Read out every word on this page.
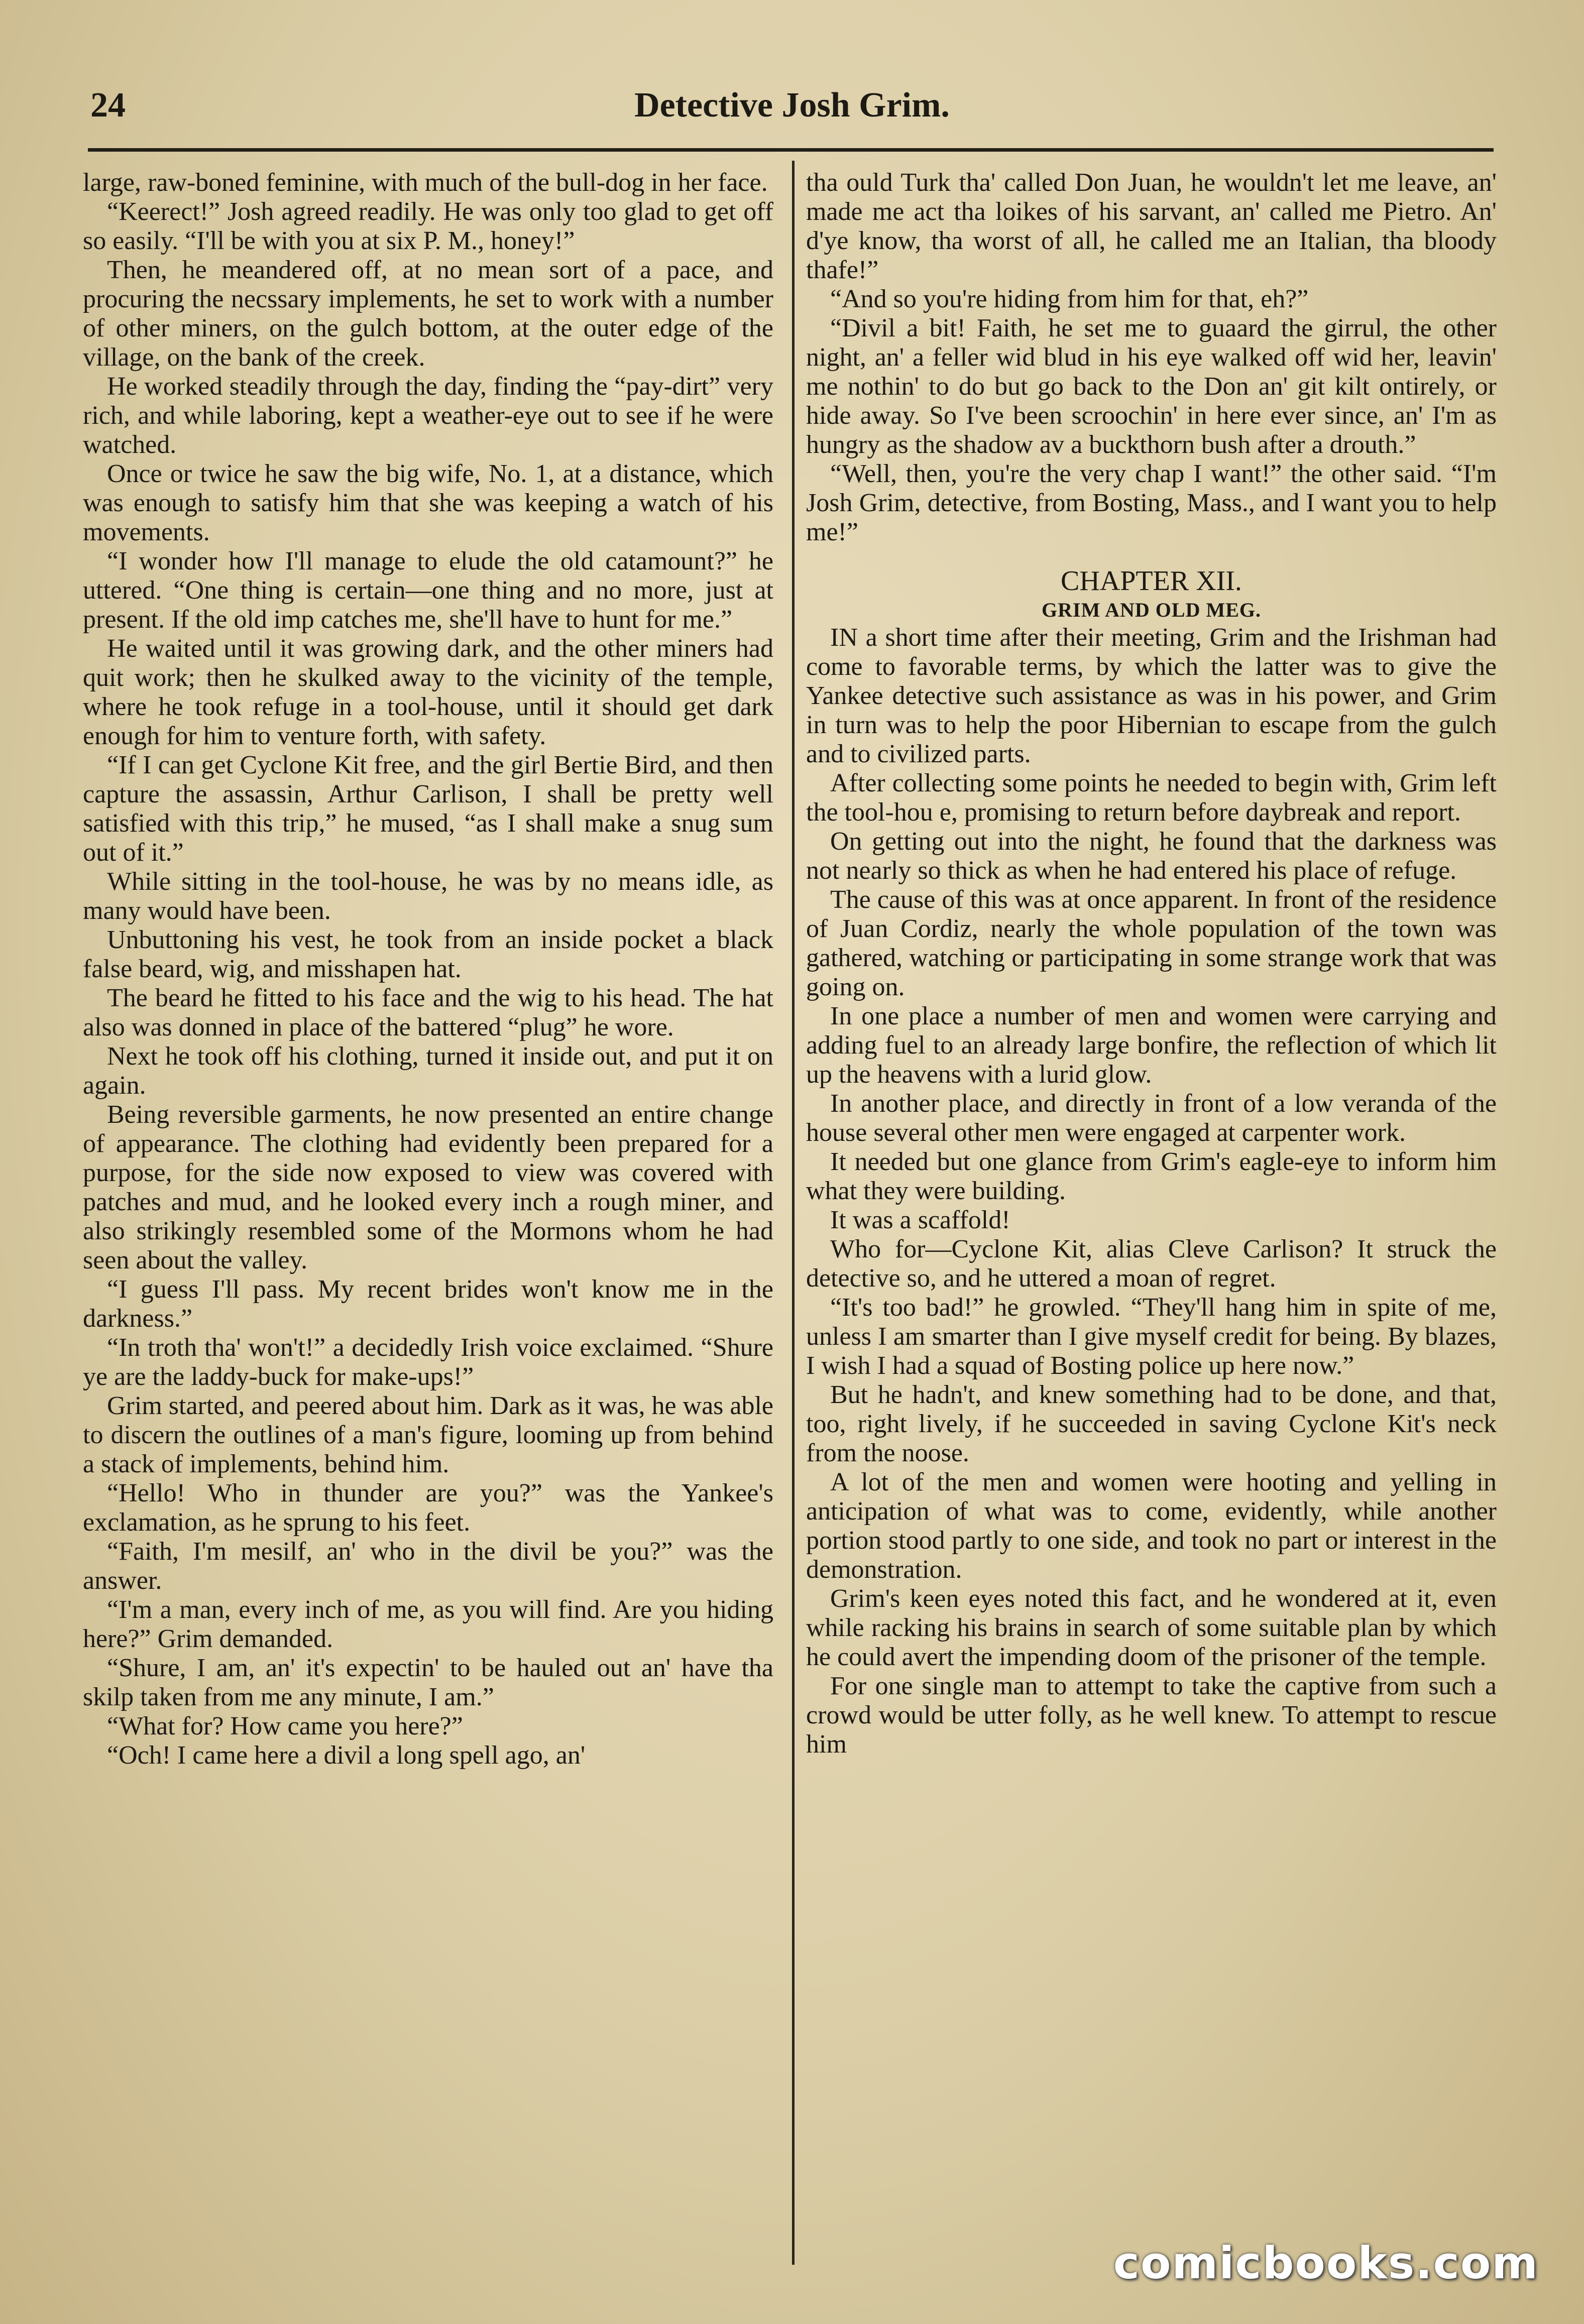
24	Detective Josh Grim.

large, raw-boned feminine, with much of the bull-dog in her face.

“Keerect!” Josh agreed readily. He was only too glad to get off so easily. “I'll be with you at six P. M., honey!”

Then, he meandered off, at no mean sort of a pace, and procuring the necssary implements, he set to work with a number of other miners, on the gulch bottom, at the outer edge of the village, on the bank of the creek.

He worked steadily through the day, finding the “pay-dirt” very rich, and while laboring, kept a weather-eye out to see if he were watched.

Once or twice he saw the big wife, No. 1, at a distance, which was enough to satisfy him that she was keeping a watch of his movements.

“I wonder how I'll manage to elude the old catamount?” he uttered. “One thing is certain—one thing and no more, just at present. If the old imp catches me, she'll have to hunt for me.”

He waited until it was growing dark, and the other miners had quit work; then he skulked away to the vicinity of the temple, where he took refuge in a tool-house, until it should get dark enough for him to venture forth, with safety.

“If I can get Cyclone Kit free, and the girl Bertie Bird, and then capture the assassin, Arthur Carlison, I shall be pretty well satisfied with this trip,” he mused, “as I shall make a snug sum out of it.”

While sitting in the tool-house, he was by no means idle, as many would have been.

Unbuttoning his vest, he took from an inside pocket a black false beard, wig, and misshapen hat.

The beard he fitted to his face and the wig to his head. The hat also was donned in place of the battered “plug” he wore.

Next he took off his clothing, turned it inside out, and put it on again.

Being reversible garments, he now presented an entire change of appearance. The clothing had evidently been prepared for a purpose, for the side now exposed to view was covered with patches and mud, and he looked every inch a rough miner, and also strikingly resembled some of the Mormons whom he had seen about the valley.

“I guess I'll pass. My recent brides won't know me in the darkness.”

“In troth tha' won't!” a decidedly Irish voice exclaimed. “Shure ye are the laddy-buck for make-ups!”

Grim started, and peered about him. Dark as it was, he was able to discern the outlines of a man's figure, looming up from behind a stack of implements, behind him.

“Hello! Who in thunder are you?” was the Yankee's exclamation, as he sprung to his feet.

“Faith, I'm mesilf, an' who in the divil be you?” was the answer.

“I'm a man, every inch of me, as you will find. Are you hiding here?” Grim demanded.

“Shure, I am, an' it's expectin' to be hauled out an' have tha skilp taken from me any minute, I am.”

“What for? How came you here?”

“Och! I came here a divil a long spell ago, an'

tha ould Turk tha' called Don Juan, he wouldn't let me leave, an' made me act tha loikes of his sarvant, an' called me Pietro. An' d'ye know, tha worst of all, he called me an Italian, tha bloody thafe!”

“And so you're hiding from him for that, eh?”

“Divil a bit! Faith, he set me to guaard the girrul, the other night, an' a feller wid blud in his eye walked off wid her, leavin' me nothin' to do but go back to the Don an' git kilt ontirely, or hide away. So I've been scroochin' in here ever since, an' I'm as hungry as the shadow av a buckthorn bush after a drouth.”

“Well, then, you're the very chap I want!” the other said. “I'm Josh Grim, detective, from Bosting, Mass., and I want you to help me!”

CHAPTER XII.
GRIM AND OLD MEG.

IN a short time after their meeting, Grim and the Irishman had come to favorable terms, by which the latter was to give the Yankee detective such assistance as was in his power, and Grim in turn was to help the poor Hibernian to escape from the gulch and to civilized parts.

After collecting some points he needed to begin with, Grim left the tool-hou e, promising to return before daybreak and report.

On getting out into the night, he found that the darkness was not nearly so thick as when he had entered his place of refuge.

The cause of this was at once apparent. In front of the residence of Juan Cordiz, nearly the whole population of the town was gathered, watching or participating in some strange work that was going on.

In one place a number of men and women were carrying and adding fuel to an already large bonfire, the reflection of which lit up the heavens with a lurid glow.

In another place, and directly in front of a low veranda of the house several other men were engaged at carpenter work.

It needed but one glance from Grim's eagle-eye to inform him what they were building.

It was a scaffold!

Who for—Cyclone Kit, alias Cleve Carlison? It struck the detective so, and he uttered a moan of regret.

“It's too bad!” he growled. “They'll hang him in spite of me, unless I am smarter than I give myself credit for being. By blazes, I wish I had a squad of Bosting police up here now.”

But he hadn't, and knew something had to be done, and that, too, right lively, if he succeeded in saving Cyclone Kit's neck from the noose.

A lot of the men and women were hooting and yelling in anticipation of what was to come, evidently, while another portion stood partly to one side, and took no part or interest in the demonstration.

Grim's keen eyes noted this fact, and he wondered at it, even while racking his brains in search of some suitable plan by which he could avert the impending doom of the prisoner of the temple.

For one single man to attempt to take the captive from such a crowd would be utter folly, as he well knew. To attempt to rescue him

comicbooks.com
